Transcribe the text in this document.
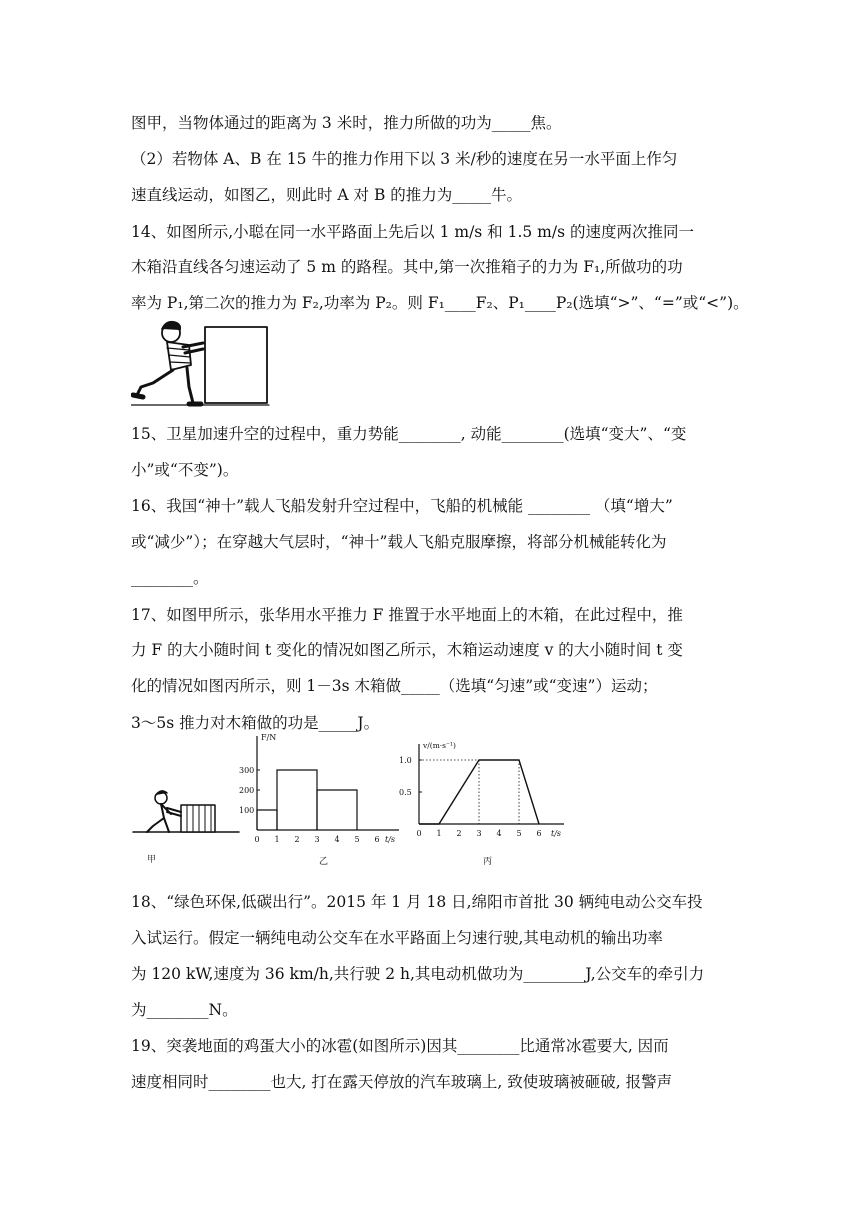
图甲，当物体通过的距离为 3 米时，推力所做的功为_____焦。
（2）若物体 A、B 在 15 牛的推力作用下以 3 米/秒的速度在另一水平面上作匀
速直线运动，如图乙，则此时 A 对 B 的推力为_____牛。
14、如图所示,小聪在同一水平路面上先后以 1 m/s 和 1.5 m/s 的速度两次推同一
木箱沿直线各匀速运动了 5 m 的路程。其中,第一次推箱子的力为 F₁,所做功的功
率为 P₁,第二次的推力为 F₂,功率为 P₂。则 F₁____F₂、P₁____P₂(选填“>”、“=”或“<”)。
15、卫星加速升空的过程中，重力势能________, 动能________(选填“变大”、“变
小”或“不变”)。
16、我国“神十”载人飞船发射升空过程中，飞船的机械能 ________ （填“增大”
或“减少”）；在穿越大气层时，“神十”载人飞船克服摩擦，将部分机械能转化为
________。
17、如图甲所示，张华用水平推力 F 推置于水平地面上的木箱，在此过程中，推
力 F 的大小随时间 t 变化的情况如图乙所示，木箱运动速度 v 的大小随时间 t 变
化的情况如图丙所示，则 1－3s 木箱做_____（选填“匀速”或“变速”）运动；
3～5s 推力对木箱做的功是_____J。
甲
F/N
t/s
0 1 2 3 4 5 6
100
200
300
乙
v/(m·s⁻¹)
t/s
0 1 2 3 4 5 6
0.5
1.0
丙
18、“绿色环保,低碳出行”。2015 年 1 月 18 日,绵阳市首批 30 辆纯电动公交车投
入试运行。假定一辆纯电动公交车在水平路面上匀速行驶,其电动机的输出功率
为 120 kW,速度为 36 km/h,共行驶 2 h,其电动机做功为________J,公交车的牵引力
为________N。
19、突袭地面的鸡蛋大小的冰雹(如图所示)因其________比通常冰雹要大, 因而
速度相同时________也大, 打在露天停放的汽车玻璃上, 致使玻璃被砸破, 报警声
